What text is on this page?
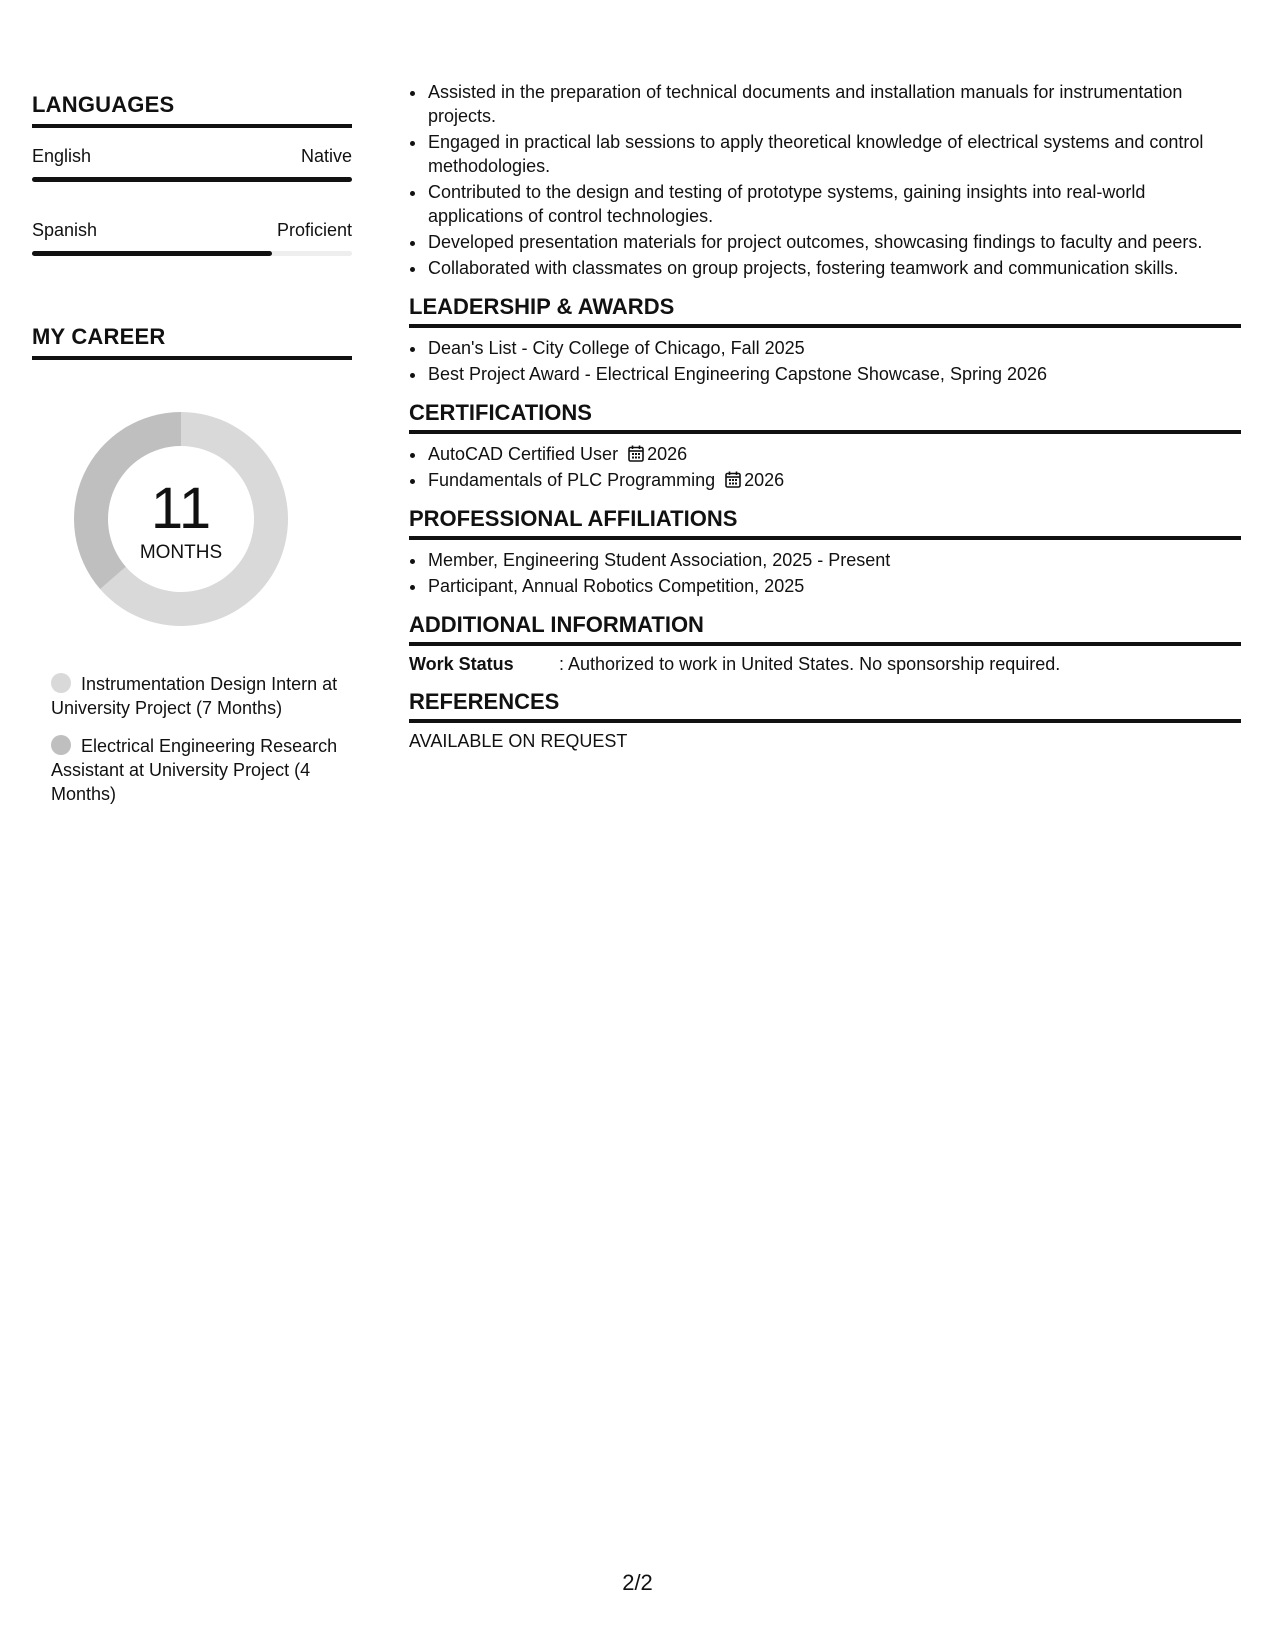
LANGUAGES
English	Native
Spanish	Proficient
MY CAREER
11
MONTHS
Instrumentation Design Intern at University Project (7 Months)
Electrical Engineering Research Assistant at University Project (4 Months)
• Assisted in the preparation of technical documents and installation manuals for instrumentation projects.
• Engaged in practical lab sessions to apply theoretical knowledge of electrical systems and control methodologies.
• Contributed to the design and testing of prototype systems, gaining insights into real-world applications of control technologies.
• Developed presentation materials for project outcomes, showcasing findings to faculty and peers.
• Collaborated with classmates on group projects, fostering teamwork and communication skills.
LEADERSHIP & AWARDS
• Dean's List - City College of Chicago, Fall 2025
• Best Project Award - Electrical Engineering Capstone Showcase, Spring 2026
CERTIFICATIONS
• AutoCAD Certified User 2026
• Fundamentals of PLC Programming 2026
PROFESSIONAL AFFILIATIONS
• Member, Engineering Student Association, 2025 - Present
• Participant, Annual Robotics Competition, 2025
ADDITIONAL INFORMATION
Work Status	: Authorized to work in United States. No sponsorship required.
REFERENCES
AVAILABLE ON REQUEST
2/2
